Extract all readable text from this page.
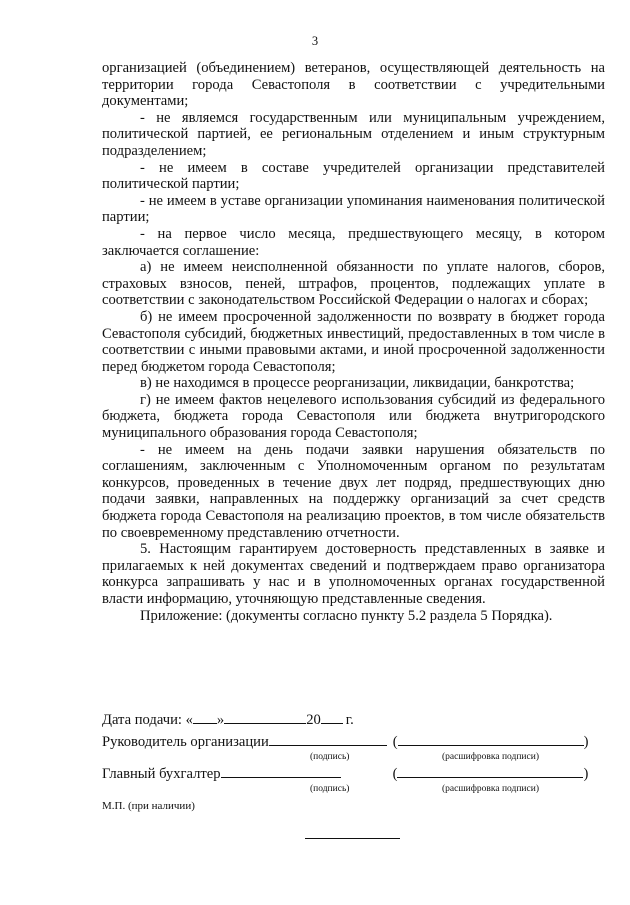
3

организацией (объединением) ветеранов, осуществляющей деятельность на территории города Севастополя в соответствии с учредительными документами;

- не являемся государственным или муниципальным учреждением, политической партией, ее региональным отделением и иным структурным подразделением;

- не имеем в составе учредителей организации представителей политической партии;

- не имеем в уставе организации упоминания наименования политической партии;

- на первое число месяца, предшествующего месяцу, в котором заключается соглашение:

а) не имеем неисполненной обязанности по уплате налогов, сборов, страховых взносов, пеней, штрафов, процентов, подлежащих уплате в соответствии с законодательством Российской Федерации о налогах и сборах;

б) не имеем просроченной задолженности по возврату в бюджет города Севастополя субсидий, бюджетных инвестиций, предоставленных в том числе в соответствии с иными правовыми актами, и иной просроченной задолженности перед бюджетом города Севастополя;

в) не находимся в процессе реорганизации, ликвидации, банкротства;

г) не имеем фактов нецелевого использования субсидий из федерального бюджета, бюджета города Севастополя или бюджета внутригородского муниципального образования города Севастополя;

- не имеем на день подачи заявки нарушения обязательств по соглашениям, заключенным с Уполномоченным органом по результатам конкурсов, проведенных в течение двух лет подряд, предшествующих дню подачи заявки, направленных на поддержку организаций за счет средств бюджета города Севастополя на реализацию проектов, в том числе обязательств по своевременному представлению отчетности.

5. Настоящим гарантируем достоверность представленных в заявке и прилагаемых к ней документах сведений и подтверждаем право организатора конкурса запрашивать у нас и в уполномоченных органах государственной власти информацию, уточняющую представленные сведения.

Приложение: (документы согласно пункту 5.2 раздела 5 Порядка).

Дата подачи: « »	20 г.
Руководитель организации	(	)
(подпись)	(расшифровка подписи)
Главный бухгалтер	(	)
(подпись)	(расшифровка подписи)
М.П. (при наличии)
